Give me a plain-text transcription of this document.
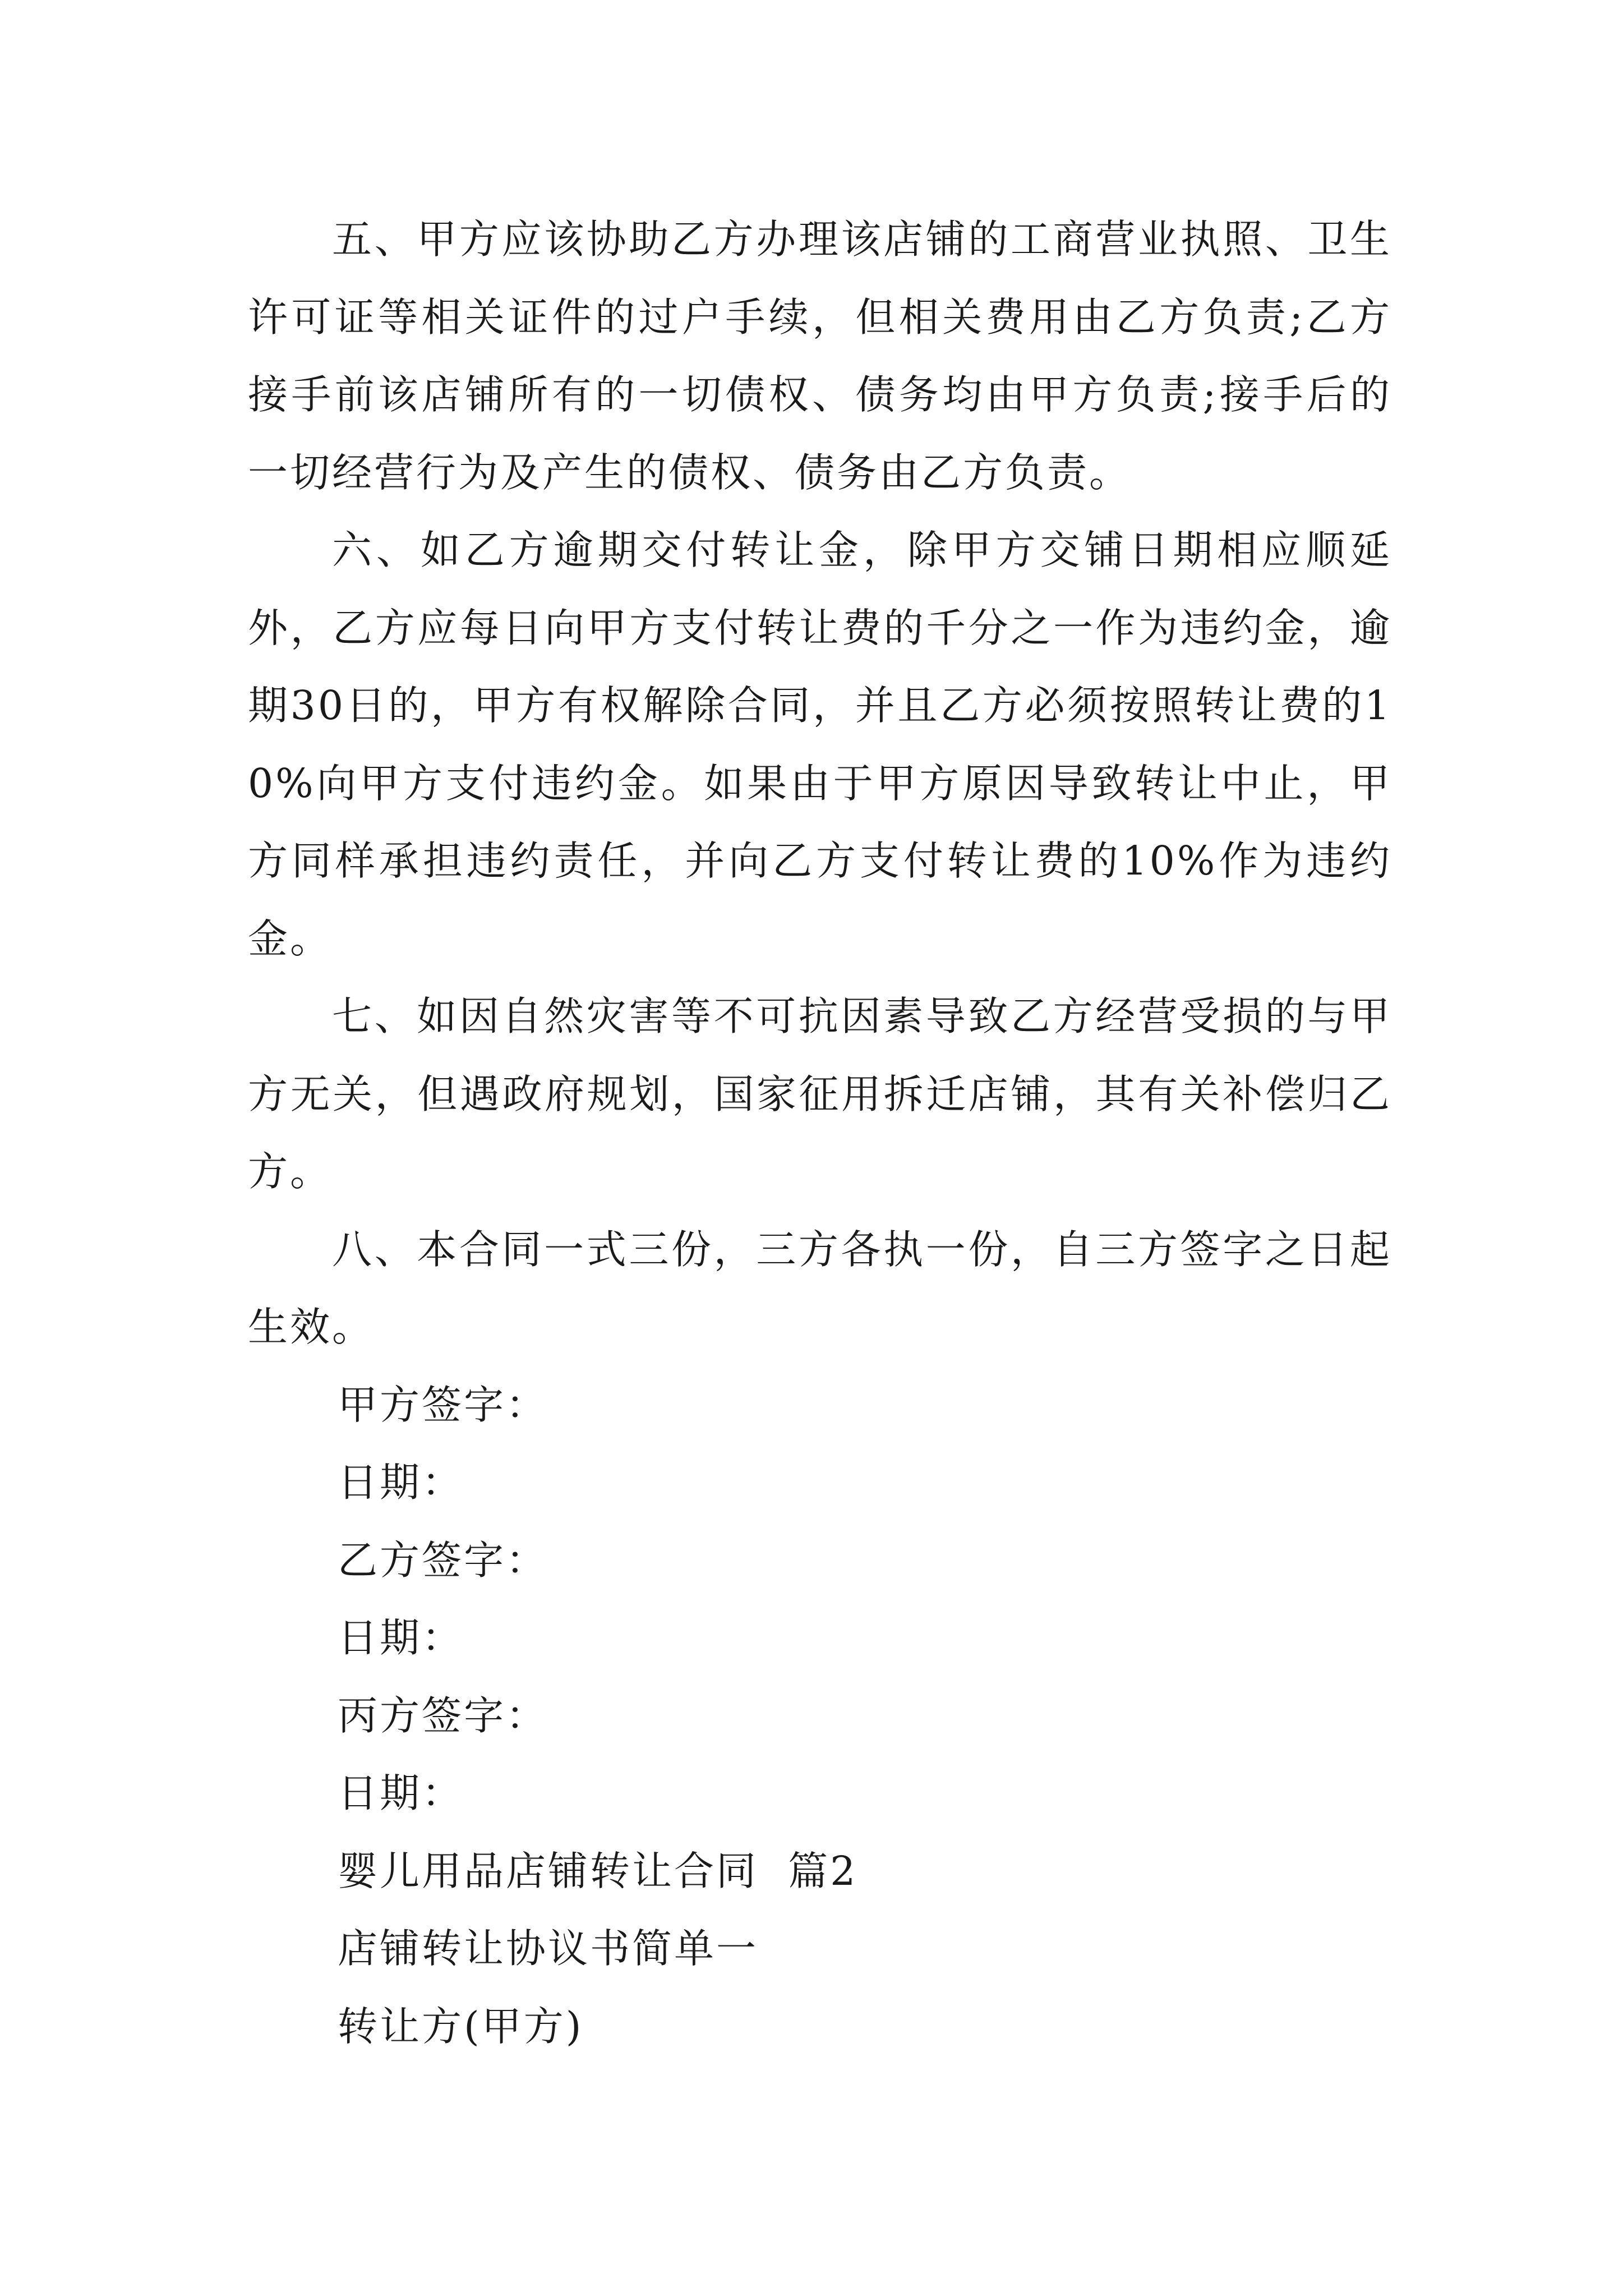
五、甲方应该协助乙方办理该店铺的工商营业执照、卫生许可证等相关证件的过户手续，但相关费用由乙方负责;乙方接手前该店铺所有的一切债权、债务均由甲方负责;接手后的一切经营行为及产生的债权、债务由乙方负责。

六、如乙方逾期交付转让金，除甲方交铺日期相应顺延外，乙方应每日向甲方支付转让费的千分之一作为违约金，逾期30日的，甲方有权解除合同，并且乙方必须按照转让费的10%向甲方支付违约金。如果由于甲方原因导致转让中止，甲方同样承担违约责任，并向乙方支付转让费的10%作为违约金。

七、如因自然灾害等不可抗因素导致乙方经营受损的与甲方无关，但遇政府规划，国家征用拆迁店铺，其有关补偿归乙方。

八、本合同一式三份，三方各执一份，自三方签字之日起生效。

甲方签字：

日期：

乙方签字：

日期：

丙方签字：

日期：

婴儿用品店铺转让合同  篇2

店铺转让协议书简单一

转让方(甲方)
